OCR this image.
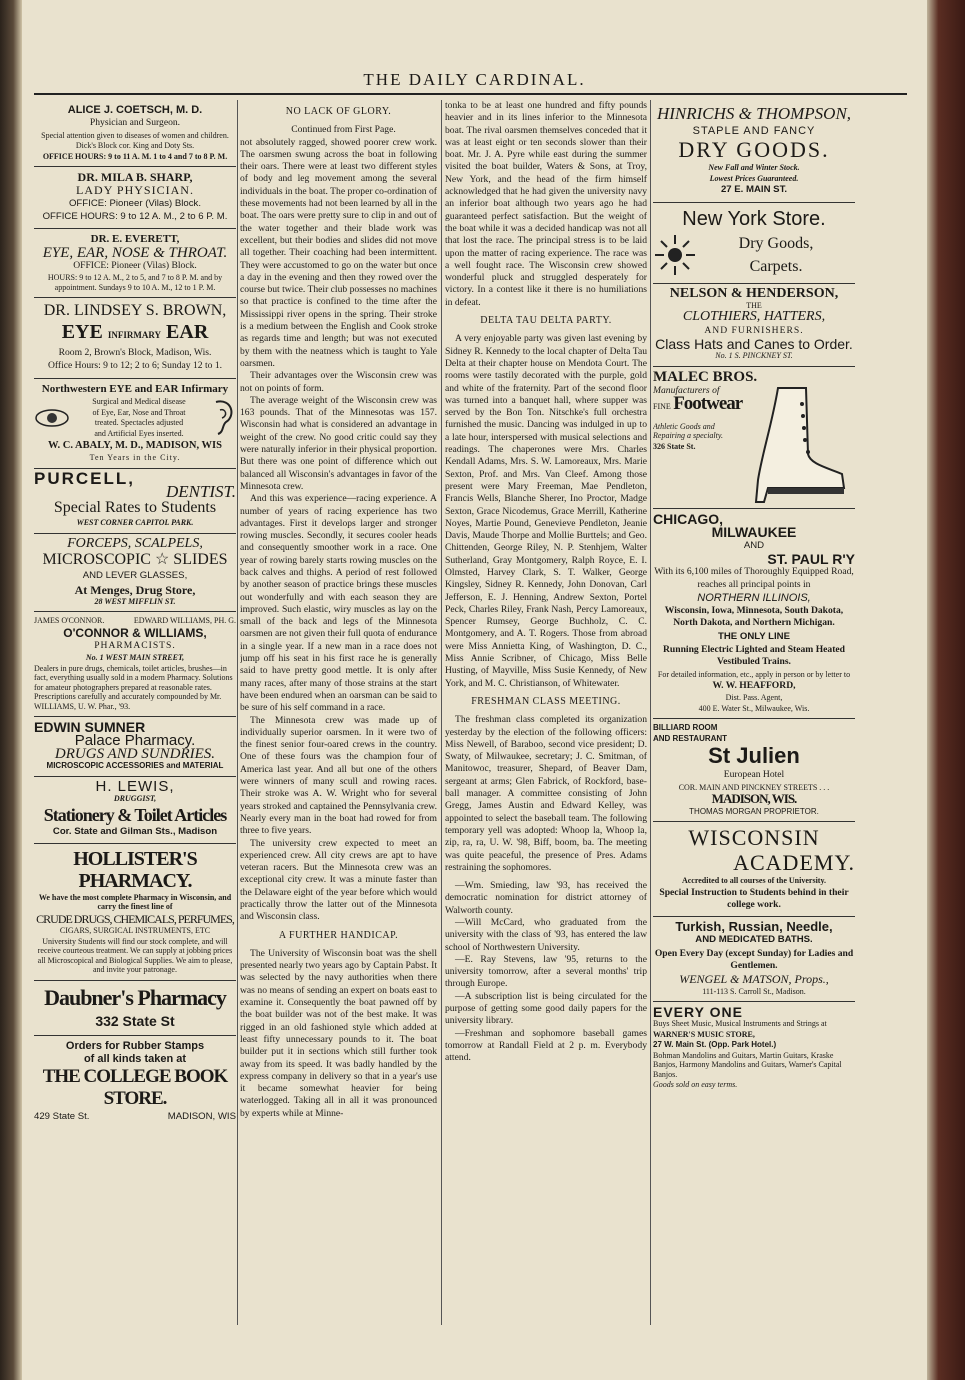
THE DAILY CARDINAL.

ALICE J. COETSCH, M. D.

Physician and Surgeon.

Special attention given to diseases of women and children.

Dick's Block cor. King and Doty Sts.

OFFICE HOURS: 9 to 11 A. M. 1 to 4 and 7 to 8 P. M.

DR. MILA B. SHARP,

LADY PHYSICIAN.

OFFICE: Pioneer (Vilas) Block.

OFFICE HOURS: 9 to 12 A. M., 2 to 6 P. M.

DR. E. EVERETT,

EYE, EAR, NOSE & THROAT.

OFFICE: Pioneer (Vilas) Block.

HOURS: 9 to 12 A. M., 2 to 5, and 7 to 8 P. M. and by appointment. Sundays 9 to 10 A. M., 12 to 1 P. M.

DR. LINDSEY S. BROWN,

EYE INFIRMARY EAR

Room 2, Brown's Block, Madison, Wis.

Office Hours: 9 to 12; 2 to 6; Sunday 12 to 1.

Northwestern EYE and EAR Infirmary

Surgical and Medical disease

of Eye, Ear, Nose and Throat

treated. Spectacles adjusted

and Artificial Eyes inserted.

W. C. ABALY, M. D., MADISON, WIS

Ten Years in the City.

PURCELL,

DENTIST.

Special Rates to Students

WEST CORNER CAPITOL PARK.

FORCEPS, SCALPELS,

MICROSCOPIC ☆ SLIDES

AND LEVER GLASSES,

At Menges, Drug Store,

28 WEST MIFFLIN ST.

JAMES O'CONNOR.	EDWARD WILLIAMS, PH. G.

O'CONNOR & WILLIAMS,

PHARMACISTS.

No. 1 WEST MAIN STREET,

Dealers in pure drugs, chemicals, toilet articles, brushes—in fact, everything usually sold in a modern Pharmacy. Solutions for amateur photographers prepared at reasonable rates. Prescriptions carefully and accurately compounded by Mr. WILLIAMS, U. W. Phar., '93.

EDWIN SUMNER

Palace Pharmacy.

DRUGS AND SUNDRIES.

MICROSCOPIC ACCESSORIES and MATERIAL

H. LEWIS,

DRUGGIST,

Stationery & Toilet Articles

Cor. State and Gilman Sts., Madison

HOLLISTER'S PHARMACY.

We have the most complete Pharmacy in Wisconsin, and carry the finest line of

CRUDE DRUGS, CHEMICALS, PERFUMES,

CIGARS, SURGICAL INSTRUMENTS, ETC

University Students will find our stock complete, and will receive courteous treatment. We can supply at jobbing prices all Microscopical and Biological Supplies. We aim to please, and invite your patronage.

Daubner's Pharmacy

332 State St

Orders for Rubber Stamps

of all kinds taken at

THE COLLEGE BOOK STORE.

429 State St.	MADISON, WIS

NO LACK OF GLORY.

Continued from First Page.

not absolutely ragged, showed poorer crew work. The oarsmen swung across the boat in following their oars. There were at least two different styles of body and leg movement among the several individuals in the boat. The proper co-ordination of these movements had not been learned by all in the boat. The oars were pretty sure to clip in and out of the water together and their blade work was excellent, but their bodies and slides did not move all together. Their coaching had been intermittent. They were accustomed to go on the water but once a day in the evening and then they rowed over the course but twice. Their club possesses no machines so that practice is confined to the time after the Mississippi river opens in the spring. Their stroke is a medium between the English and Cook stroke as regards time and length; but was not executed by them with the neatness which is taught to Yale oarsmen.

Their advantages over the Wisconsin crew was not on points of form.

The average weight of the Wisconsin crew was 163 pounds. That of the Minnesotas was 157. Wisconsin had what is considered an advantage in weight of the crew. No good critic could say they were naturally inferior in their physical proportion. But there was one point of difference which out balanced all Wisconsin's advantages in favor of the Minnesota crew.

And this was experience—racing experience. A number of years of racing experience has two advantages. First it develops larger and stronger rowing muscles. Secondly, it secures cooler heads and consequently smoother work in a race. One year of rowing barely starts rowing muscles on the back calves and thighs. A period of rest followed by another season of practice brings these muscles out wonderfully and with each season they are improved. Such elastic, wiry muscles as lay on the small of the back and legs of the Minnesota oarsmen are not given their full quota of endurance in a single year. If a new man in a race does not jump off his seat in his first race he is generally said to have pretty good mettle. It is only after many races, after many of those strains at the start have been endured when an oarsman can be said to be sure of his self command in a race.

The Minnesota crew was made up of individually superior oarsmen. In it were two of the finest senior four-oared crews in the country. One of these fours was the champion four of America last year. And all but one of the others were winners of many scull and rowing races. Their stroke was A. W. Wright who for several years stroked and captained the Pennsylvania crew. Nearly every man in the boat had rowed for from three to five years.

The university crew expected to meet an experienced crew. All city crews are apt to have veteran racers. But the Minnesota crew was an exceptional city crew. It was a minute faster than the Delaware eight of the year before which would practically throw the latter out of the Minnesota and Wisconsin class.

A FURTHER HANDICAP.

The University of Wisconsin boat was the shell presented nearly two years ago by Captain Pabst. It was selected by the navy authorities when there was no means of sending an expert on boats east to examine it. Consequently the boat pawned off by the boat builder was not of the best make. It was rigged in an old fashioned style which added at least fifty unnecessary pounds to it. The boat builder put it in sections which still further took away from its speed. It was badly handled by the express company in delivery so that in a year's use it became somewhat heavier for being waterlogged. Taking all in all it was pronounced by experts while at Minne-

tonka to be at least one hundred and fifty pounds heavier and in its lines inferior to the Minnesota boat. The rival oarsmen themselves conceded that it was at least eight or ten seconds slower than their boat. Mr. J. A. Pyre while east during the summer visited the boat builder, Waters & Sons, at Troy, New York, and the head of the firm himself acknowledged that he had given the university navy an inferior boat although two years ago he had guaranteed perfect satisfaction. But the weight of the boat while it was a decided handicap was not all that lost the race. The principal stress is to be laid upon the matter of racing experience. The race was a well fought race. The Wisconsin crew showed wonderful pluck and struggled desperately for victory. In a contest like it there is no humiliations in defeat.

DELTA TAU DELTA PARTY.

A very enjoyable party was given last evening by Sidney R. Kennedy to the local chapter of Delta Tau Delta at their chapter house on Mendota Court. The rooms were tastily decorated with the purple, gold and white of the fraternity. Part of the second floor was turned into a banquet hall, where supper was served by the Bon Ton. Nitschke's full orchestra furnished the music. Dancing was indulged in up to a late hour, interspersed with musical selections and readings. The chaperones were Mrs. Charles Kendall Adams, Mrs. S. W. Lamoreaux, Mrs. Marie Sexton, Prof. and Mrs. Van Cleef. Among those present were Mary Freeman, Mae Pendleton, Francis Wells, Blanche Sherer, Ino Proctor, Madge Sexton, Grace Nicodemus, Grace Merrill, Katherine Noyes, Martie Pound, Genevieve Pendleton, Jeanie Davis, Maude Thorpe and Mollie Burttels; and Geo. Chittenden, George Riley, N. P. Stenhjem, Walter Sutherland, Gray Montgomery, Ralph Royce, E. I. Olmsted, Harvey Clark, S. T. Walker, George Kingsley, Sidney R. Kennedy, John Donovan, Carl Jefferson, E. J. Henning, Andrew Sexton, Portel Peck, Charles Riley, Frank Nash, Percy Lamoreaux, Spencer Rumsey, George Buchholz, C. C. Montgomery, and A. T. Rogers. Those from abroad were Miss Annietta King, of Washington, D. C., Miss Annie Scribner, of Chicago, Miss Belle Husting, of Mayville, Miss Susie Kennedy, of New York, and M. C. Christianson, of Whitewater.

FRESHMAN CLASS MEETING.

The freshman class completed its organization yesterday by the election of the following officers: Miss Newell, of Baraboo, second vice president; D. Swaty, of Milwaukee, secretary; J. C. Smitman, of Manitowoc, treasurer, Shepard, of Beaver Dam, sergeant at arms; Glen Fabrick, of Rockford, base-ball manager. A committee consisting of John Gregg, James Austin and Edward Kelley, was appointed to select the baseball team. The following temporary yell was adopted: Whoop la, Whoop la, zip, ra, ra, U. W. '98, Biff, boom, ba. The meeting was quite peaceful, the presence of Pres. Adams restraining the sophomores.

—Wm. Smieding, law '93, has received the democratic nomination for district attorney of Walworth county.

—Will McCard, who graduated from the university with the class of '93, has entered the law school of Northwestern University.

—E. Ray Stevens, law '95, returns to the university tomorrow, after a several months' trip through Europe.

—A subscription list is being circulated for the purpose of getting some good daily papers for the university library.

—Freshman and sophomore baseball games tomorrow at Randall Field at 2 p. m. Everybody attend.

HINRICHS & THOMPSON,

STAPLE AND FANCY

DRY GOODS.

New Fall and Winter Stock.

Lowest Prices Guaranteed.

27 E. MAIN ST.

New York Store.

Dry Goods,

Carpets.

NELSON & HENDERSON,

THE

CLOTHIERS, HATTERS,

AND FURNISHERS.

Class Hats and Canes to Order.

No. 1 S. PINCKNEY ST.

MALEC BROS.

Manufacturers of

FINE Footwear

Athletic Goods and Repairing a specialty.

326 State St.

CHICAGO,

MILWAUKEE

AND

ST. PAUL R'Y

With its 6,100 miles of Thoroughly Equipped Road, reaches all principal points in

NORTHERN ILLINOIS,

Wisconsin, Iowa, Minnesota, South Dakota, North Dakota, and Northern Michigan.

THE ONLY LINE

Running Electric Lighted and Steam Heated Vestibuled Trains.

For detailed information, etc., apply in person or by letter to

W. W. HEAFFORD,

Dist. Pass. Agent,

400 E. Water St., Milwaukee, Wis.

BILLIARD ROOM

AND RESTAURANT

St Julien

European Hotel

COR. MAIN AND PINCKNEY STREETS . . .

MADISON, WIS.

THOMAS MORGAN PROPRIETOR.

WISCONSIN

ACADEMY.

Accredited to all courses of the University.

Special Instruction to Students behind in their college work.

Turkish, Russian, Needle,

AND MEDICATED BATHS.

Open Every Day (except Sunday) for Ladies and Gentlemen.

WENGEL & MATSON, Props.,

111-113 S. Carroll St., Madison.

EVERY ONE

Buys Sheet Music, Musical Instruments and Strings at

WARNER'S MUSIC STORE,

27 W. Main St. (Opp. Park Hotel.)

Bohman Mandolins and Guitars, Martin Guitars, Kraske Banjos, Harmony Mandolins and Guitars, Warner's Capital Banjos.

Goods sold on easy terms.
